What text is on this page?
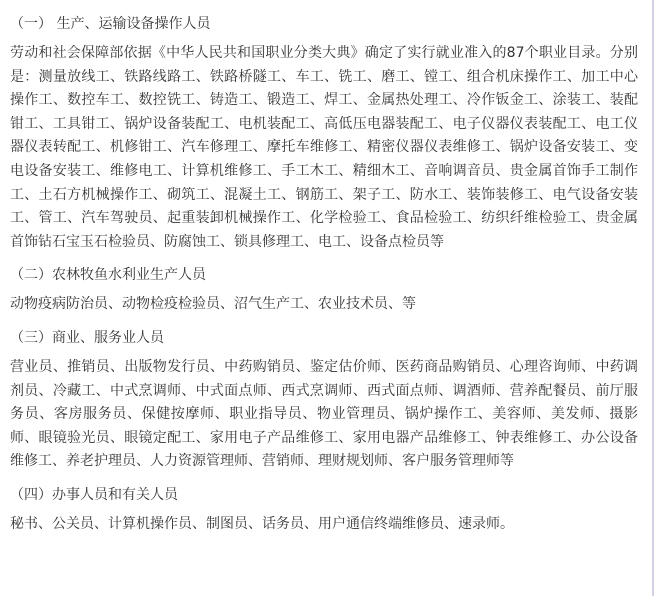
（一） 生产、运输设备操作人员

劳动和社会保障部依据《中华人民共和国职业分类大典》确定了实行就业准入的87个职业目录。分别是：测量放线工、铁路线路工、铁路桥隧工、车工、铣工、磨工、镗工、组合机床操作工、加工中心操作工、数控车工、数控铣工、铸造工、锻造工、焊工、金属热处理工、冷作钣金工、涂装工、装配钳工、工具钳工、锅炉设备装配工、电机装配工、高低压电器装配工、电子仪器仪表装配工、电工仪器仪表转配工、机修钳工、汽车修理工、摩托车维修工、精密仪器仪表维修工、锅炉设备安装工、变电设备安装工、维修电工、计算机维修工、手工木工、精细木工、音响调音员、贵金属首饰手工制作工、土石方机械操作工、砌筑工、混凝土工、钢筋工、架子工、防水工、装饰装修工、电气设备安装工、管工、汽车驾驶员、起重装卸机械操作工、化学检验工、食品检验工、纺织纤维检验工、贵金属首饰钻石宝玉石检验员、防腐蚀工、锁具修理工、电工、设备点检员等

（二）农林牧鱼水利业生产人员

动物疫病防治员、动物检疫检验员、沼气生产工、农业技术员、等

（三）商业、服务业人员

营业员、推销员、出版物发行员、中药购销员、鉴定估价师、医药商品购销员、心理咨询师、中药调剂员、冷藏工、中式烹调师、中式面点师、西式烹调师、西式面点师、调酒师、营养配餐员、前厅服务员、客房服务员、保健按摩师、职业指导员、物业管理员、锅炉操作工、美容师、美发师、摄影师、眼镜验光员、眼镜定配工、家用电子产品维修工、家用电器产品维修工、钟表维修工、办公设备维修工、养老护理员、人力资源管理师、营销师、理财规划师、客户服务管理师等

（四）办事人员和有关人员

秘书、公关员、计算机操作员、制图员、话务员、用户通信终端维修员、速录师。
